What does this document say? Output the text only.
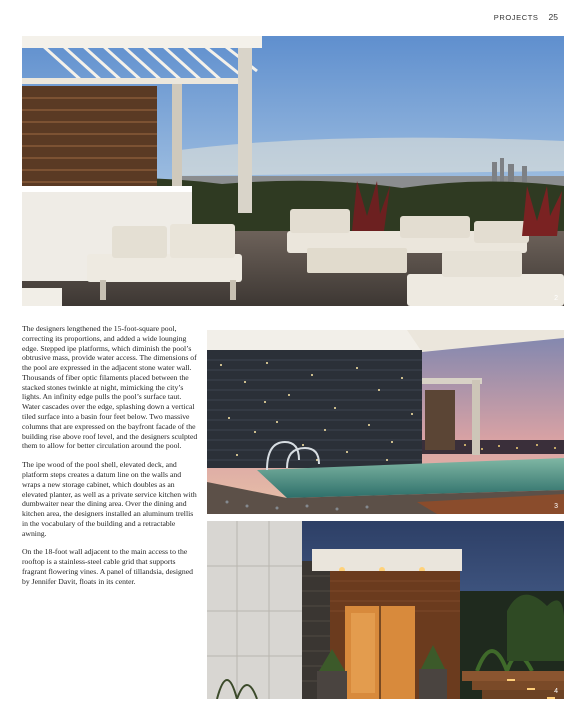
PROJECTS 25
2
3
4

The designers lengthened the 15-foot-square pool, correcting its proportions, and added a wide lounging edge. Stepped ipe platforms, which diminish the pool’s obtrusive mass, provide water access. The dimensions of the pool are expressed in the adjacent stone water wall. Thousands of fiber optic filaments placed between the stacked stones twinkle at night, mimicking the city’s lights. An infinity edge pulls the pool’s surface taut. Water cascades over the edge, splashing down a vertical tiled surface into a basin four feet below. Two massive columns that are expressed on the bayfront facade of the building rise above roof level, and the designers sculpted them to allow for better circulation around the pool.

The ipe wood of the pool shell, elevated deck, and platform steps creates a datum line on the walls and wraps a new storage cabinet, which doubles as an elevated planter, as well as a private service kitchen with dumbwaiter near the dining area. Over the dining and kitchen area, the designers installed an aluminum trellis in the vocabulary of the building and a retractable awning.

On the 18-foot wall adjacent to the main access to the rooftop is a stainless-steel cable grid that supports fragrant flowering vines. A panel of tillandsia, designed by Jennifer Davit, floats in its center.
